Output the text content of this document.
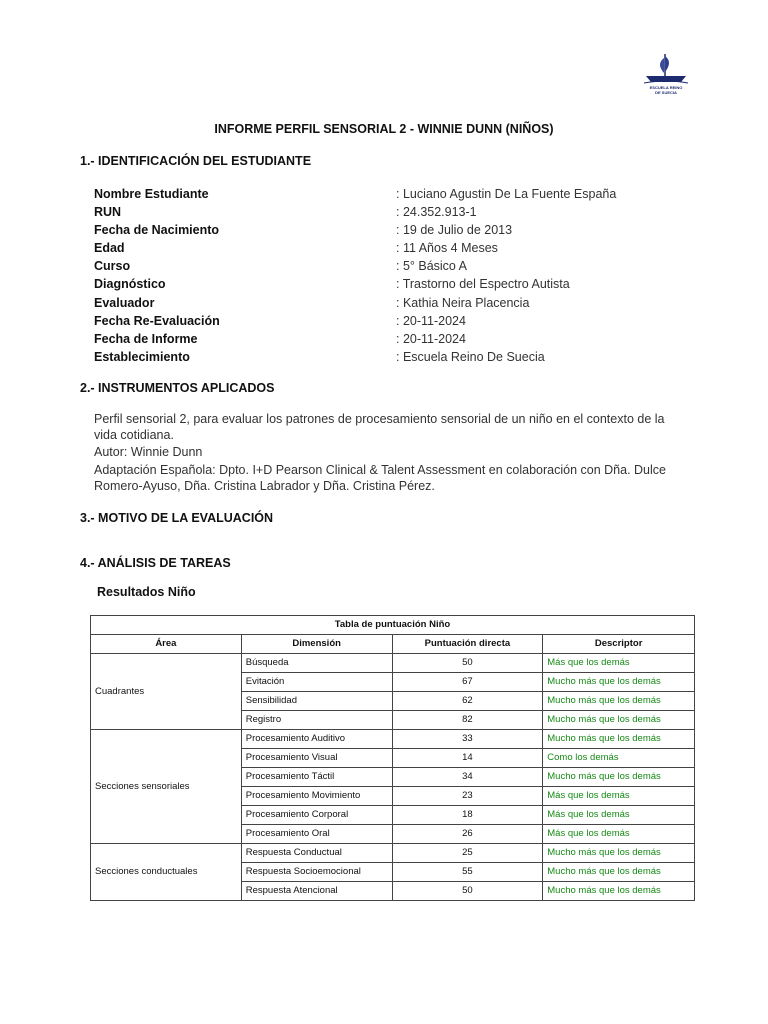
ESCUELA REINO
DE SUECIA
INFORME PERFIL SENSORIAL 2 - WINNIE DUNN (NIÑOS)
1.- IDENTIFICACIÓN DEL ESTUDIANTE
Nombre Estudiante	: Luciano Agustin De La Fuente España
RUN	: 24.352.913-1
Fecha de Nacimiento	: 19 de Julio de 2013
Edad	: 11 Años 4 Meses
Curso	: 5° Básico A
Diagnóstico	: Trastorno del Espectro Autista
Evaluador	: Kathia Neira Placencia
Fecha Re-Evaluación	: 20-11-2024
Fecha de Informe	: 20-11-2024
Establecimiento	: Escuela Reino De Suecia
2.- INSTRUMENTOS APLICADOS
Perfil sensorial 2, para evaluar los patrones de procesamiento sensorial de un niño en el contexto de la vida cotidiana.
Autor: Winnie Dunn
Adaptación Española: Dpto. I+D Pearson Clinical & Talent Assessment en colaboración con Dña. Dulce Romero-Ayuso, Dña. Cristina Labrador y Dña. Cristina Pérez.
3.- MOTIVO DE LA EVALUACIÓN
4.- ANÁLISIS DE TAREAS
Resultados Niño
Tabla de puntuación Niño			
Área	Dimensión	Puntuación directa	Descriptor
Cuadrantes	Búsqueda	50	Más que los demás
	Evitación	67	Mucho más que los demás
	Sensibilidad	62	Mucho más que los demás
	Registro	82	Mucho más que los demás
Secciones sensoriales	Procesamiento Auditivo	33	Mucho más que los demás
	Procesamiento Visual	14	Como los demás
	Procesamiento Táctil	34	Mucho más que los demás
	Procesamiento Movimiento	23	Más que los demás
	Procesamiento Corporal	18	Más que los demás
	Procesamiento Oral	26	Más que los demás
Secciones conductuales	Respuesta Conductual	25	Mucho más que los demás
	Respuesta Socioemocional	55	Mucho más que los demás
	Respuesta Atencional	50	Mucho más que los demás
